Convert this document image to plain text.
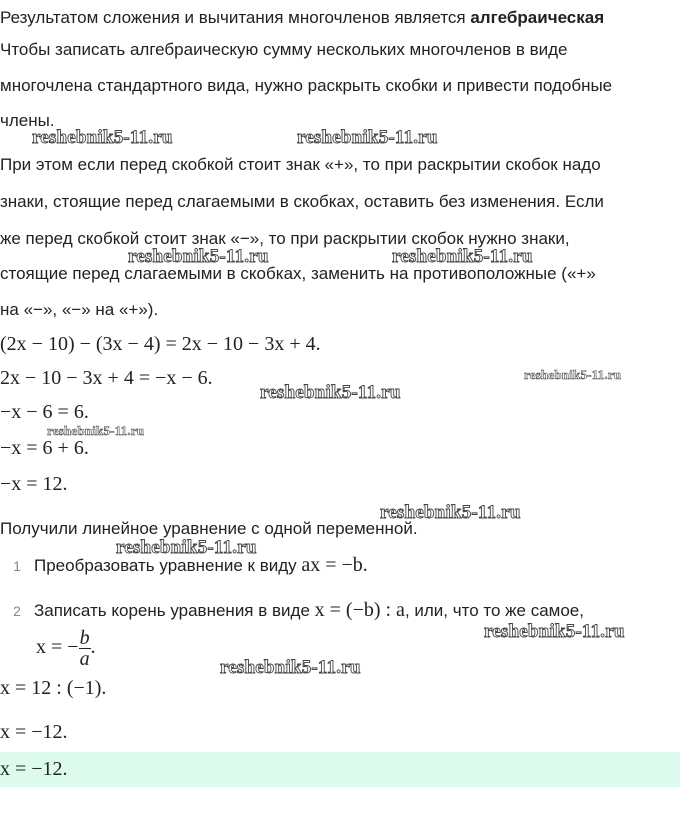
Результатом сложения и вычитания многочленов является алгебраическая
Чтобы записать алгебраическую сумму нескольких многочленов в виде
многочлена стандартного вида, нужно раскрыть скобки и привести подобные
члены.
При этом если перед скобкой стоит знак «+», то при раскрытии скобок надо
знаки, стоящие перед слагаемыми в скобках, оставить без изменения. Если
же перед скобкой стоит знак «−», то при раскрытии скобок нужно знаки,
стоящие перед слагаемыми в скобках, заменить на противоположные («+»
на «−», «−» на «+»).
(2x − 10) − (3x − 4) = 2x − 10 − 3x + 4.
2x − 10 − 3x + 4 = −x − 6.
−x − 6 = 6.
−x = 6 + 6.
−x = 12.
Получили линейное уравнение с одной переменной.
1 Преобразовать уравнение к виду ax = −b.
2 Записать корень уравнения в виде x = (−b) : a, или, что то же самое,
x = − $\frac{b}{a}$ .
x = 12 : (−1).
x = −12.
x = −12.
reshebnik5-11.ru	reshebnik5-11.ru
reshebnik5-11.ru	reshebnik5-11.ru
reshebnik5-11.ru
reshebnik5-11.ru
reshebnik5-11.ru
reshebnik5-11.ru
reshebnik5-11.ru
reshebnik5-11.ru
reshebnik5-11.ru
